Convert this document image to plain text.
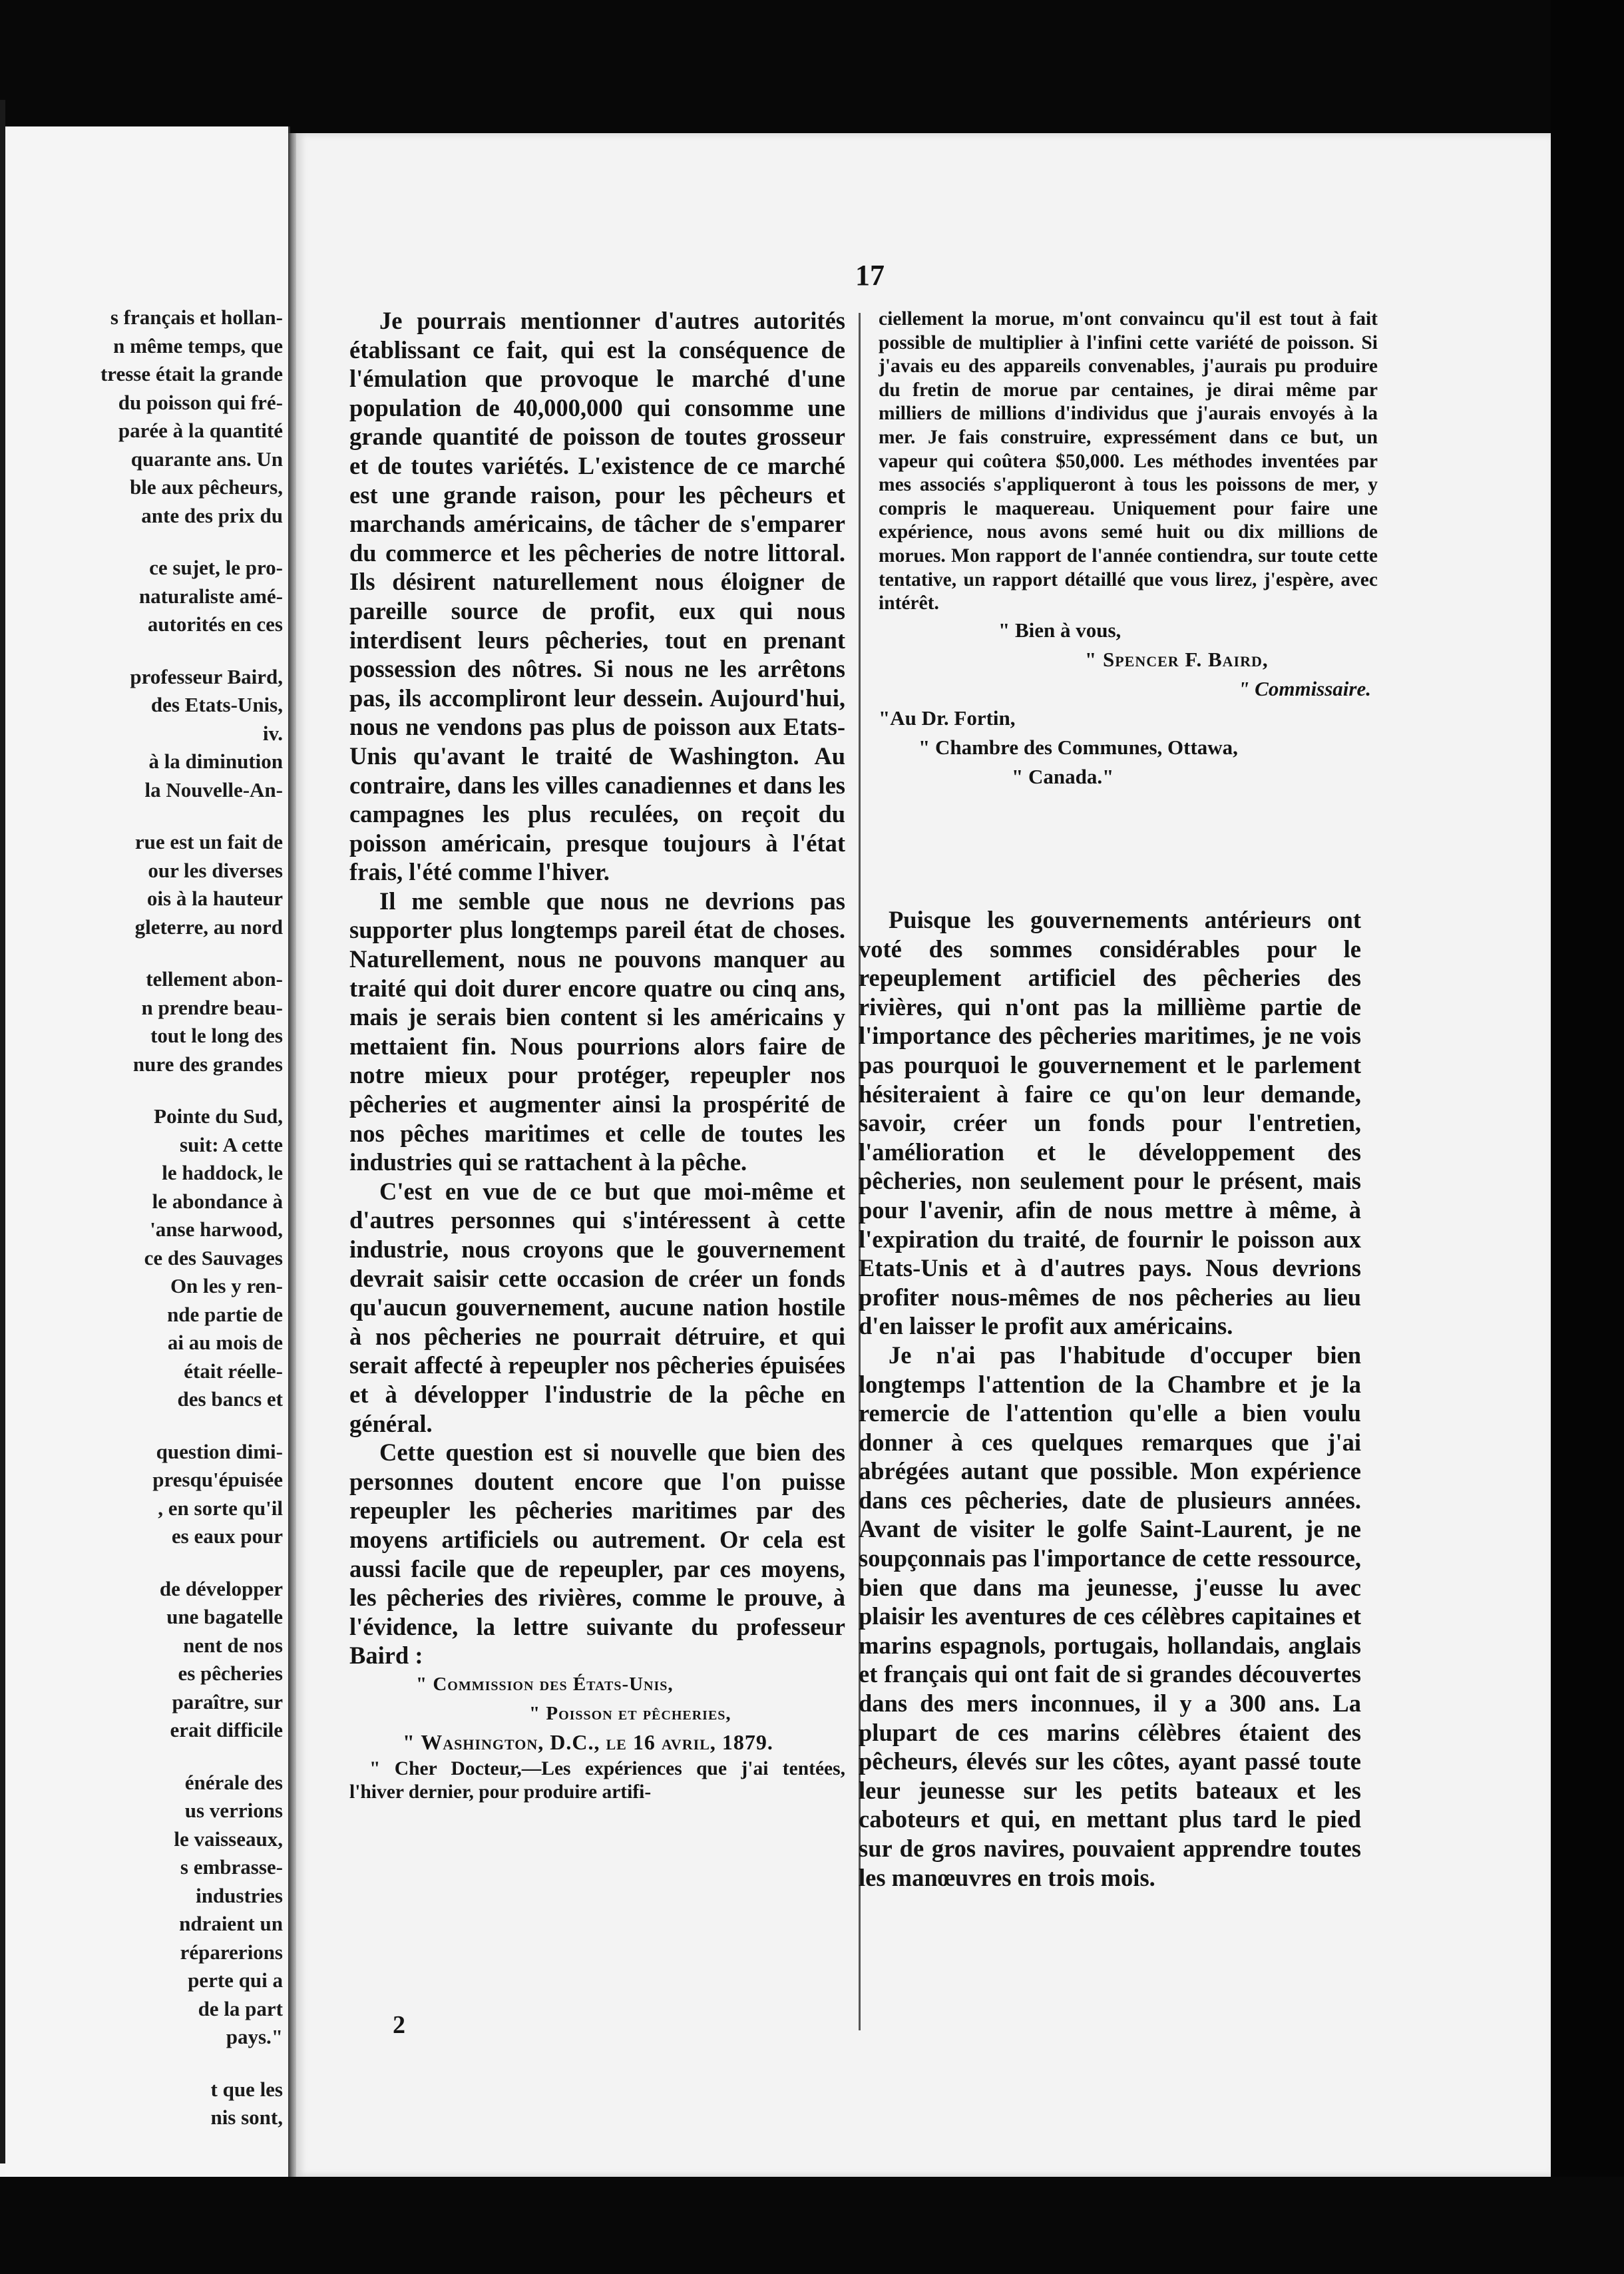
s français et hollan-
n même temps, que
tresse était la grande
du poisson qui fré-
parée à la quantité
quarante ans. Un
ble aux pêcheurs,
ante des prix du
ce sujet, le pro-
naturaliste amé-
autorités en ces
professeur Baird,
des Etats-Unis,
iv.
à la diminution
la Nouvelle-An-
rue est un fait de
our les diverses
ois à la hauteur
gleterre, au nord
tellement abon-
n prendre beau-
tout le long des
nure des grandes
Pointe du Sud,
suit: A cette
le haddock, le
le abondance à
'anse harwood,
ce des Sauvages
On les y ren-
nde partie de
ai au mois de
était réelle-
des bancs et
question dimi-
presqu'épuisée
, en sorte qu'il
es eaux pour
de développer
une bagatelle
nent de nos
es pêcheries
paraître, sur
erait difficile
énérale des
us verrions
le vaisseaux,
s embrasse-
industries
ndraient un
réparerions
perte qui a
de la part
pays."
t que les
nis sont,
17

Je pourrais mentionner d'autres autorités établissant ce fait, qui est la conséquence de l'émulation que provoque le marché d'une population de 40,000,000 qui consomme une grande quantité de poisson de toutes grosseur et de toutes variétés. L'existence de ce marché est une grande raison, pour les pêcheurs et marchands américains, de tâcher de s'emparer du commerce et les pêcheries de notre littoral. Ils désirent naturellement nous éloigner de pareille source de profit, eux qui nous interdisent leurs pêcheries, tout en prenant possession des nôtres. Si nous ne les arrêtons pas, ils accompliront leur dessein. Aujourd'hui, nous ne vendons pas plus de poisson aux Etats-Unis qu'avant le traité de Washington. Au contraire, dans les villes canadiennes et dans les campagnes les plus reculées, on reçoit du poisson américain, presque toujours à l'état frais, l'été comme l'hiver.

Il me semble que nous ne devrions pas supporter plus longtemps pareil état de choses. Naturellement, nous ne pouvons manquer au traité qui doit durer encore quatre ou cinq ans, mais je serais bien content si les américains y mettaient fin. Nous pourrions alors faire de notre mieux pour protéger, repeupler nos pêcheries et augmenter ainsi la prospérité de nos pêches maritimes et celle de toutes les industries qui se rattachent à la pêche.

C'est en vue de ce but que moi-même et d'autres personnes qui s'intéressent à cette industrie, nous croyons que le gouvernement devrait saisir cette occasion de créer un fonds qu'aucun gouvernement, aucune nation hostile à nos pêcheries ne pourrait détruire, et qui serait affecté à repeupler nos pêcheries épuisées et à développer l'industrie de la pêche en général.

Cette question est si nouvelle que bien des personnes doutent encore que l'on puisse repeupler les pêcheries maritimes par des moyens artificiels ou autrement. Or cela est aussi facile que de repeupler, par ces moyens, les pêcheries des rivières, comme le prouve, à l'évidence, la lettre suivante du professeur Baird :

" Commission des États-Unis,

" Poisson et pêcheries,

" Washington, D.C., le 16 avril, 1879.

" Cher Docteur,—Les expériences que j'ai tentées, l'hiver dernier, pour produire artifi-

ciellement la morue, m'ont convaincu qu'il est tout à fait possible de multiplier à l'infini cette variété de poisson. Si j'avais eu des appareils convenables, j'aurais pu produire du fretin de morue par centaines, je dirai même par milliers de millions d'individus que j'aurais envoyés à la mer. Je fais construire, expressément dans ce but, un vapeur qui coûtera $50,000. Les méthodes inventées par mes associés s'appliqueront à tous les poissons de mer, y compris le maquereau. Uniquement pour faire une expérience, nous avons semé huit ou dix millions de morues. Mon rapport de l'année contiendra, sur toute cette tentative, un rapport détaillé que vous lirez, j'espère, avec intérêt.

" Bien à vous,

" Spencer F. Baird,

" Commissaire.

"Au Dr. Fortin,

" Chambre des Communes, Ottawa,

" Canada."

Puisque les gouvernements antérieurs ont voté des sommes considérables pour le repeuplement artificiel des pêcheries des rivières, qui n'ont pas la millième partie de l'importance des pêcheries maritimes, je ne vois pas pourquoi le gouvernement et le parlement hésiteraient à faire ce qu'on leur demande, savoir, créer un fonds pour l'entretien, l'amélioration et le développement des pêcheries, non seulement pour le présent, mais pour l'avenir, afin de nous mettre à même, à l'expiration du traité, de fournir le poisson aux Etats-Unis et à d'autres pays. Nous devrions profiter nous-mêmes de nos pêcheries au lieu d'en laisser le profit aux américains.

Je n'ai pas l'habitude d'occuper bien longtemps l'attention de la Chambre et je la remercie de l'attention qu'elle a bien voulu donner à ces quelques remarques que j'ai abrégées autant que possible. Mon expérience dans ces pêcheries, date de plusieurs années. Avant de visiter le golfe Saint-Laurent, je ne soupçonnais pas l'importance de cette ressource, bien que dans ma jeunesse, j'eusse lu avec plaisir les aventures de ces célèbres capitaines et marins espagnols, portugais, hollandais, anglais et français qui ont fait de si grandes découvertes dans des mers inconnues, il y a 300 ans. La plupart de ces marins célèbres étaient des pêcheurs, élevés sur les côtes, ayant passé toute leur jeunesse sur les petits bateaux et les caboteurs et qui, en mettant plus tard le pied sur de gros navires, pouvaient apprendre toutes les manœuvres en trois mois.

2
